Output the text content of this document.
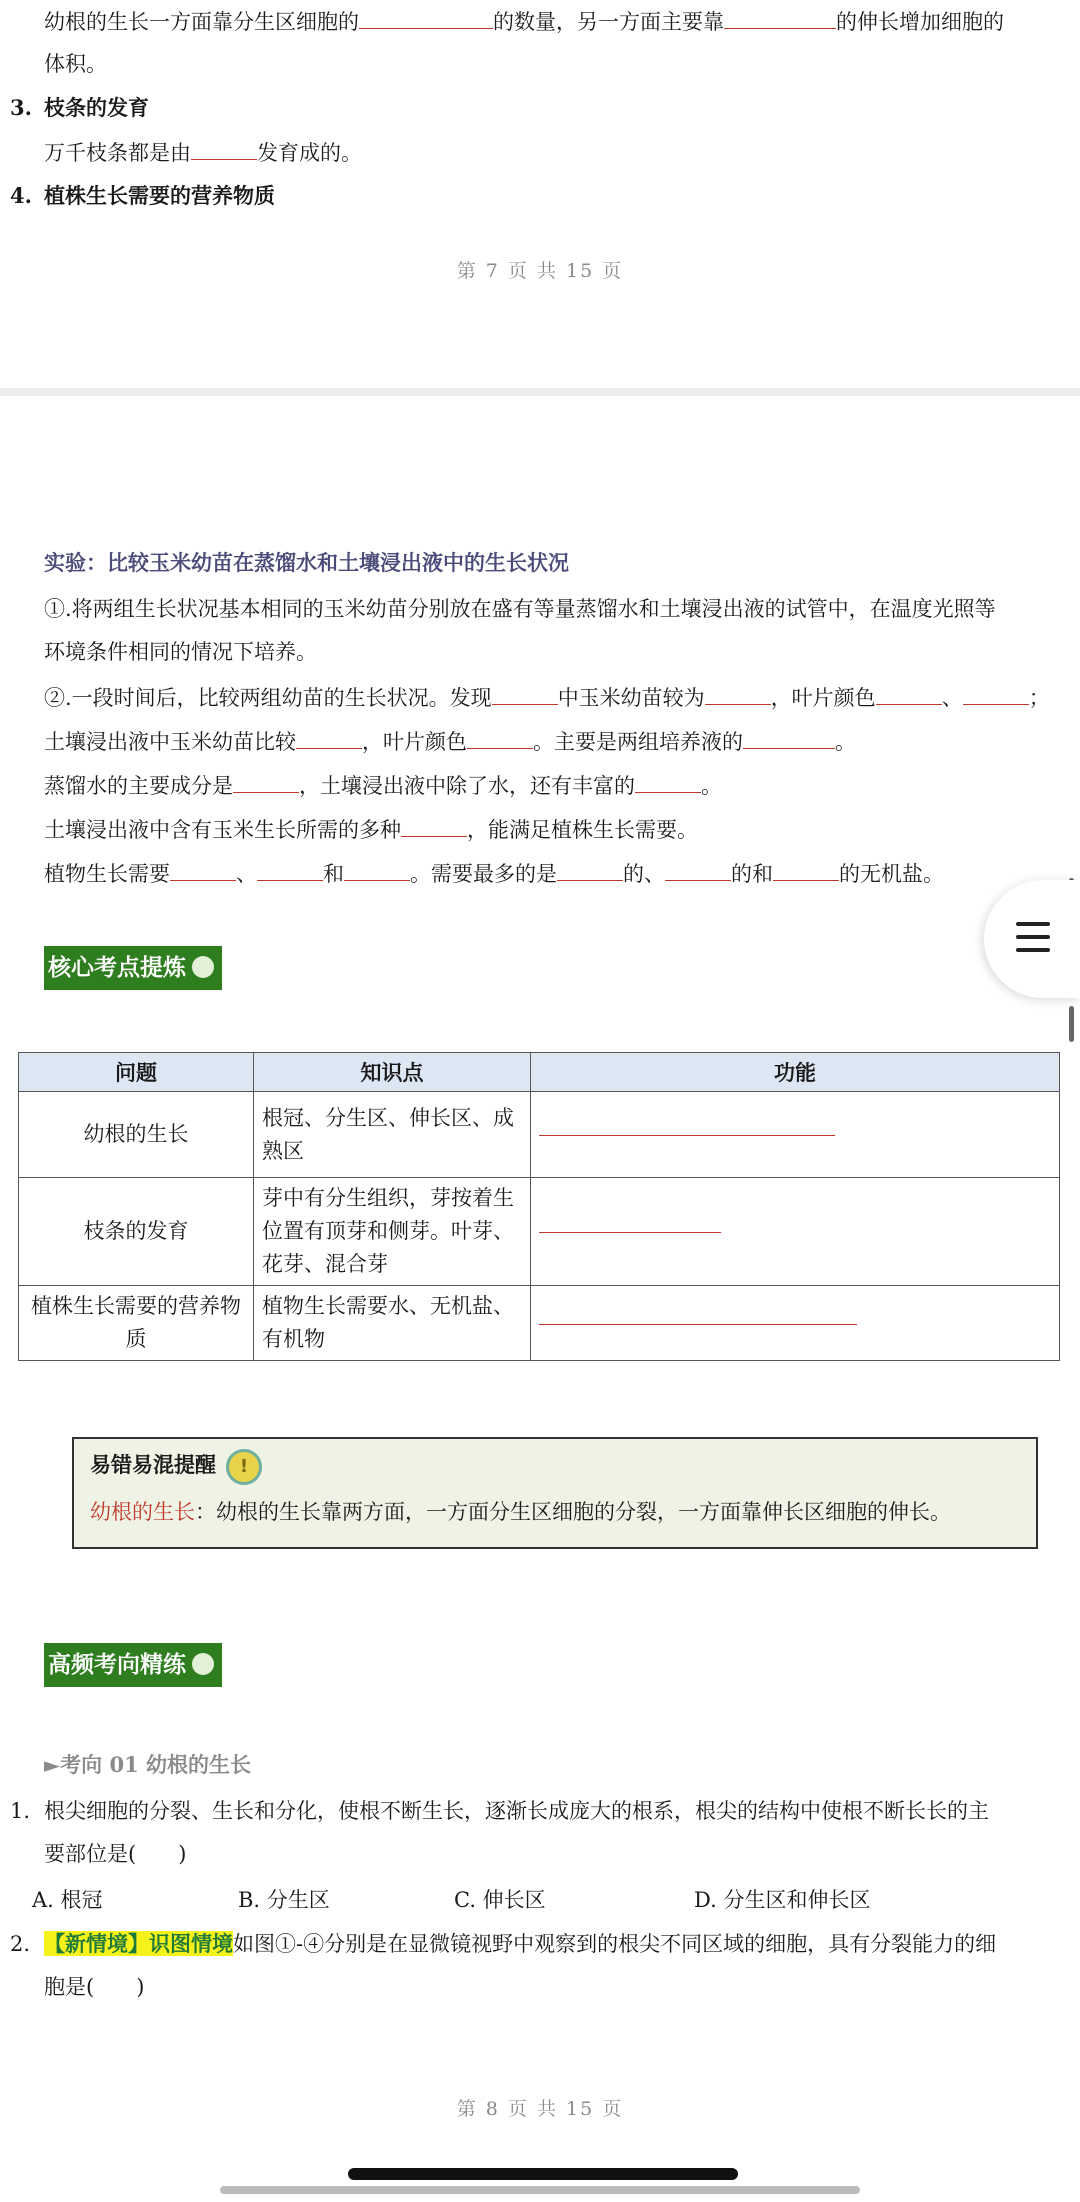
幼根的生长一方面靠分生区细胞的	的数量，另一方面主要靠	的伸长增加细胞的
体积。
3. 枝条的发育
万千枝条都是由	发育成的。
4. 植株生长需要的营养物质
第 7 页 共 15 页
实验：比较玉米幼苗在蒸馏水和土壤浸出液中的生长状况
①.将两组生长状况基本相同的玉米幼苗分别放在盛有等量蒸馏水和土壤浸出液的试管中，在温度光照等
环境条件相同的情况下培养。
②.一段时间后，比较两组幼苗的生长状况。发现	中玉米幼苗较为	，叶片颜色	、	；
土壤浸出液中玉米幼苗比较	，叶片颜色	。主要是两组培养液的	。
蒸馏水的主要成分是	，土壤浸出液中除了水，还有丰富的	。
土壤浸出液中含有玉米生长所需的多种	，能满足植株生长需要。
植物生长需要	、	和	。需要最多的是	的、	的和	的无机盐。
核心考点提炼
问题	知识点	功能
幼根的生长	根冠、分生区、伸长区、成熟区	

枝条的发育	芽中有分生组织，芽按着生位置有顶芽和侧芽。叶芽、花芽、混合芽	

植株生长需要的营养物质	植物生长需要水、无机盐、有机物	
易错易混提醒 !
幼根的生长：幼根的生长靠两方面，一方面分生区细胞的分裂，一方面靠伸长区细胞的伸长。
高频考向精练
►考向 01 幼根的生长
1. 根尖细胞的分裂、生长和分化，使根不断生长，逐渐长成庞大的根系，根尖的结构中使根不断长长的主
要部位是(　　)
A. 根冠	B. 分生区	C. 伸长区	D. 分生区和伸长区
2. 【新情境】识图情境如图①-④分别是在显微镜视野中观察到的根尖不同区域的细胞，具有分裂能力的细
胞是(　　)
第 8 页 共 15 页
